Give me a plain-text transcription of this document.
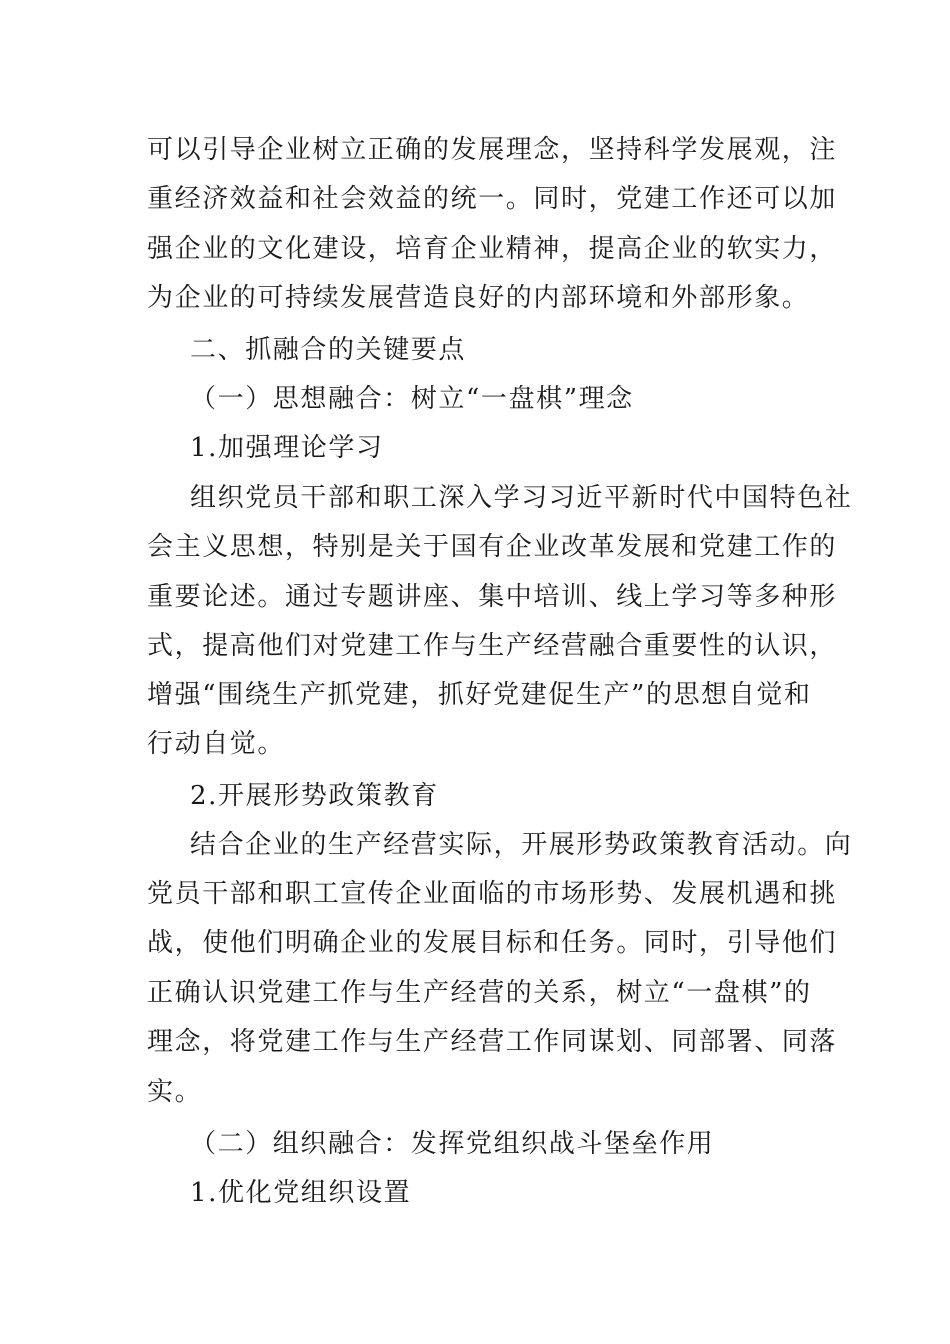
可以引导企业树立正确的发展理念，坚持科学发展观，注
重经济效益和社会效益的统一。同时，党建工作还可以加
强企业的文化建设，培育企业精神，提高企业的软实力，
为企业的可持续发展营造良好的内部环境和外部形象。
二、抓融合的关键要点
（一）思想融合：树立“一盘棋”理念
1.加强理论学习
组织党员干部和职工深入学习习近平新时代中国特色社
会主义思想，特别是关于国有企业改革发展和党建工作的
重要论述。通过专题讲座、集中培训、线上学习等多种形
式，提高他们对党建工作与生产经营融合重要性的认识，
增强“围绕生产抓党建，抓好党建促生产”的思想自觉和
行动自觉。
2.开展形势政策教育
结合企业的生产经营实际，开展形势政策教育活动。向
党员干部和职工宣传企业面临的市场形势、发展机遇和挑
战，使他们明确企业的发展目标和任务。同时，引导他们
正确认识党建工作与生产经营的关系，树立“一盘棋”的
理念，将党建工作与生产经营工作同谋划、同部署、同落
实。
（二）组织融合：发挥党组织战斗堡垒作用
1.优化党组织设置
